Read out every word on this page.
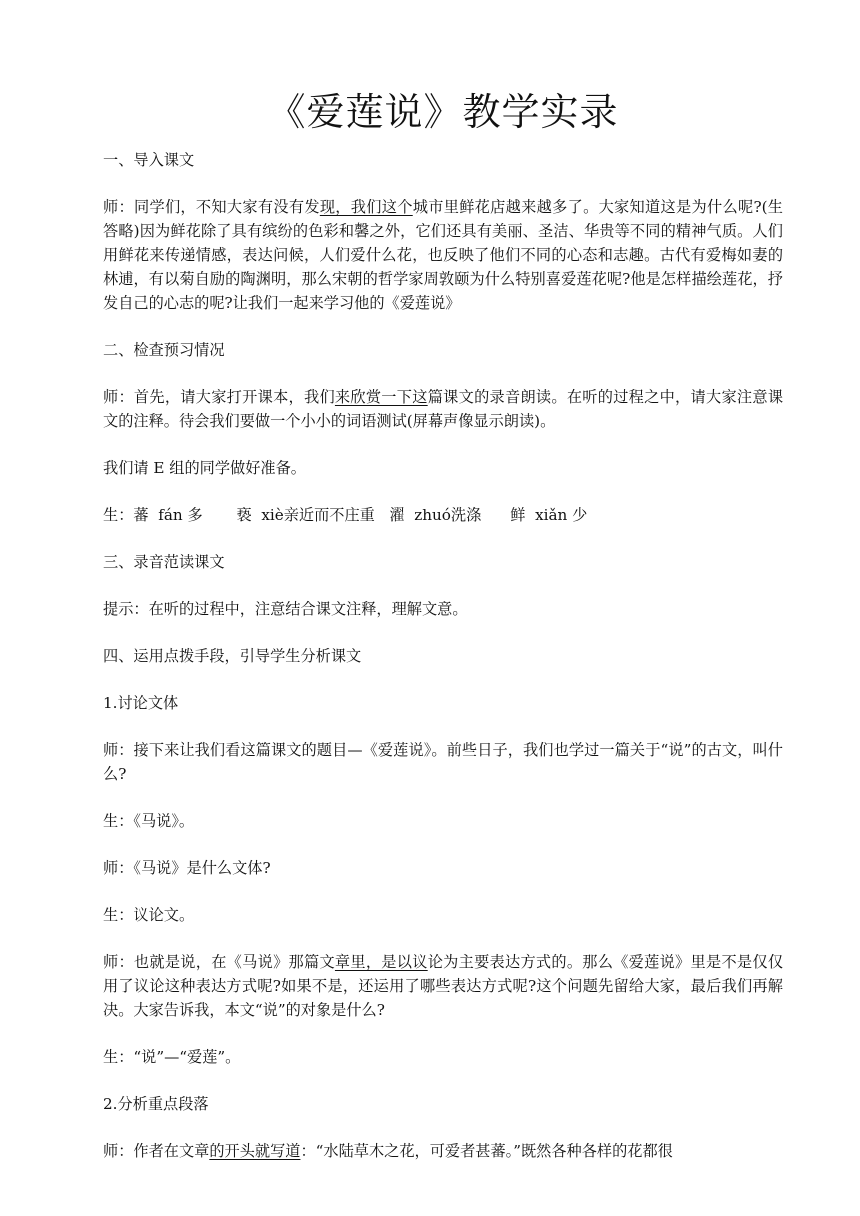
《爱莲说》教学实录

一、导入课文

师：同学们，不知大家有没有发现，我们这个城市里鲜花店越来越多了。大家知道这是为什么呢?(生答略)因为鲜花除了具有缤纷的色彩和馨之外，它们还具有美丽、圣洁、华贵等不同的精神气质。人们用鲜花来传递情感，表达问候，人们爱什么花，也反映了他们不同的心态和志趣。古代有爱梅如妻的林逋，有以菊自励的陶渊明，那么宋朝的哲学家周敦颐为什么特别喜爱莲花呢?他是怎样描绘莲花，抒发自己的心志的呢?让我们一起来学习他的《爱莲说》

二、检查预习情况

师：首先，请大家打开课本，我们来欣赏一下这篇课文的录音朗读。在听的过程之中，请大家注意课文的注释。待会我们要做一个小小的词语测试(屏幕声像显示朗读)。

我们请 E 组的同学做好准备。

生：蕃  fán 多       亵  xiè亲近而不庄重   濯  zhuó洗涤      鲜  xiǎn 少

三、录音范读课文

提示：在听的过程中，注意结合课文注释，理解文意。

四、运用点拨手段，引导学生分析课文

1.讨论文体

师：接下来让我们看这篇课文的题目—《爱莲说》。前些日子，我们也学过一篇关于“说”的古文，叫什么?

生：《马说》。

师：《马说》是什么文体?

生：议论文。

师：也就是说，在《马说》那篇文章里，是以议论为主要表达方式的。那么《爱莲说》里是不是仅仅用了议论这种表达方式呢?如果不是，还运用了哪些表达方式呢?这个问题先留给大家，最后我们再解决。大家告诉我，本文“说”的对象是什么?

生：“说”—“爱莲”。

2.分析重点段落

师：作者在文章的开头就写道：“水陆草木之花，可爱者甚蕃。”既然各种各样的花都很
